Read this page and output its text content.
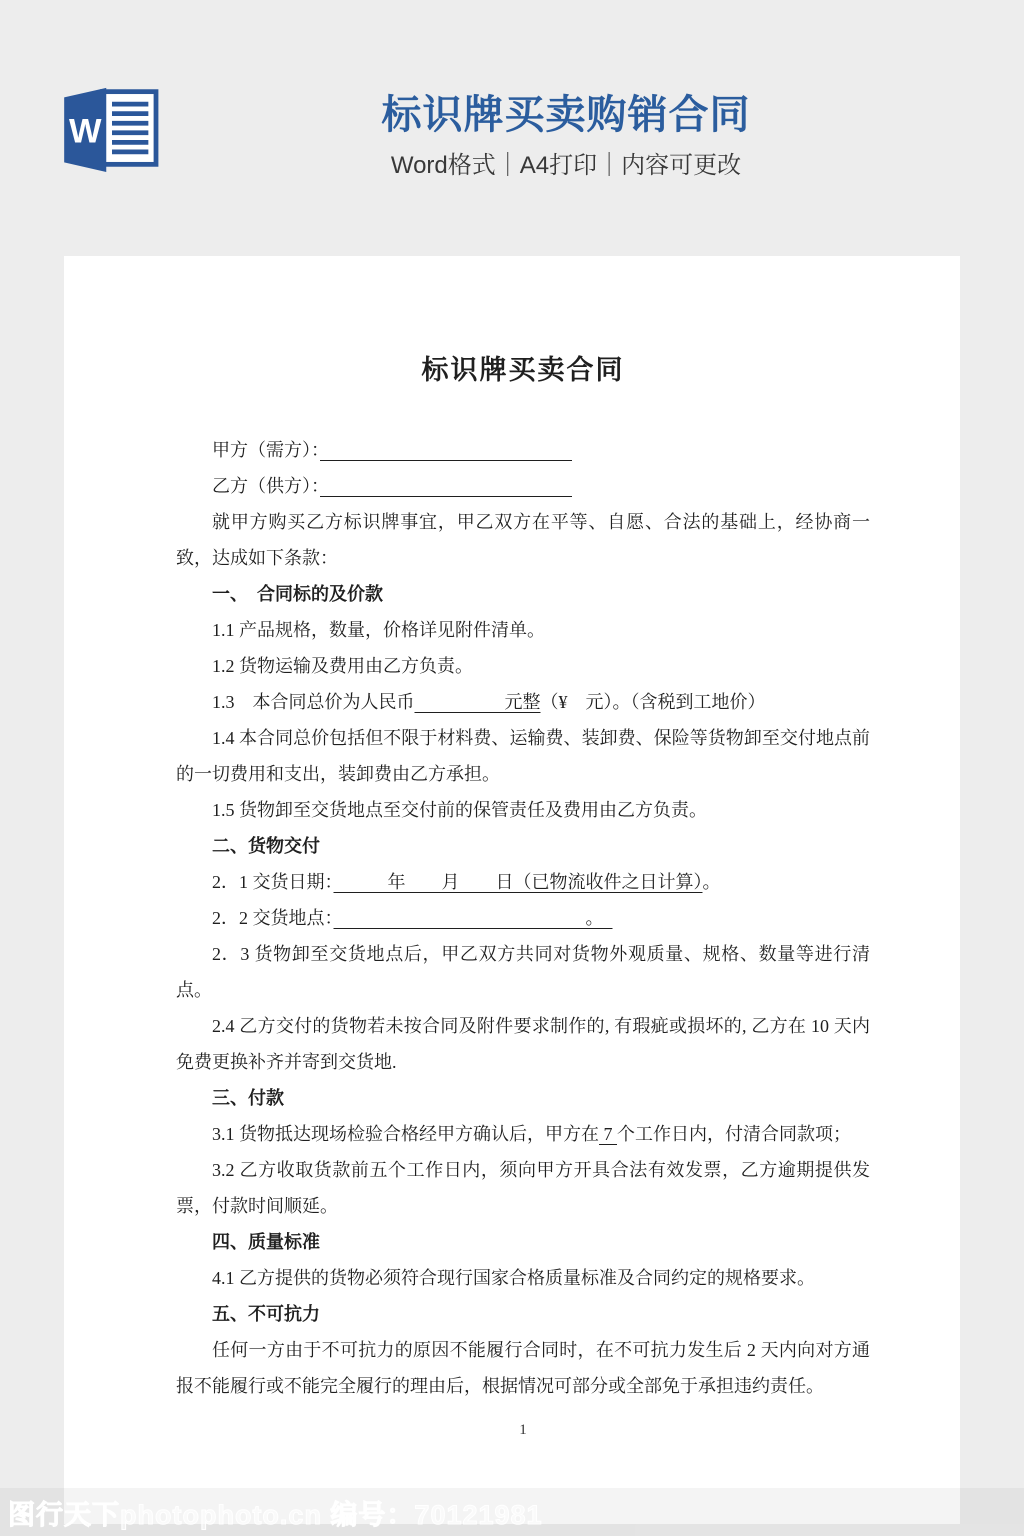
W	标识牌买卖购销合同
Word格式｜A4打印｜内容可更改
标识牌买卖合同

甲方（需方）：　　　　　　　　　　　　　　

乙方（供方）：　　　　　　　　　　　　　　

就甲方购买乙方标识牌事宜，甲乙双方在平等、自愿、合法的基础上，经协商一致，达成如下条款：

一、　合同标的及价款

1.1 产品规格，数量，价格详见附件清单。

1.2 货物运输及费用由乙方负责。

1.3　本合同总价为人民币　　　　　	元整（¥　元）。（含税到工地价）

1.4 本合同总价包括但不限于材料费、运输费、装卸费、保险等货物卸至交付地点前的一切费用和支出，装卸费由乙方承担。

1.5 货物卸至交货地点至交付前的保管责任及费用由乙方负责。

二、货物交付

2．1 交货日期：　　　年　　月　　日（已物流收件之日计算）。

2．2 交货地点：　　　　　　　　　　　　　　。　

2．3 货物卸至交货地点后，甲乙双方共同对货物外观质量、规格、数量等进行清点。

2.4 乙方交付的货物若未按合同及附件要求制作的, 有瑕疵或损坏的, 乙方在 10 天内免费更换补齐并寄到交货地.

三、付款

3.1 货物抵达现场检验合格经甲方确认后，甲方在 7 个工作日内，付清合同款项；

3.2 乙方收取货款前五个工作日内，须向甲方开具合法有效发票，乙方逾期提供发票，付款时间顺延。

四、质量标准

4.1 乙方提供的货物必须符合现行国家合格质量标准及合同约定的规格要求。

五、不可抗力

任何一方由于不可抗力的原因不能履行合同时，在不可抗力发生后 2 天内向对方通报不能履行或不能完全履行的理由后，根据情况可部分或全部免于承担违约责任。

1
图行天下photophoto.cn 编号：70121981
